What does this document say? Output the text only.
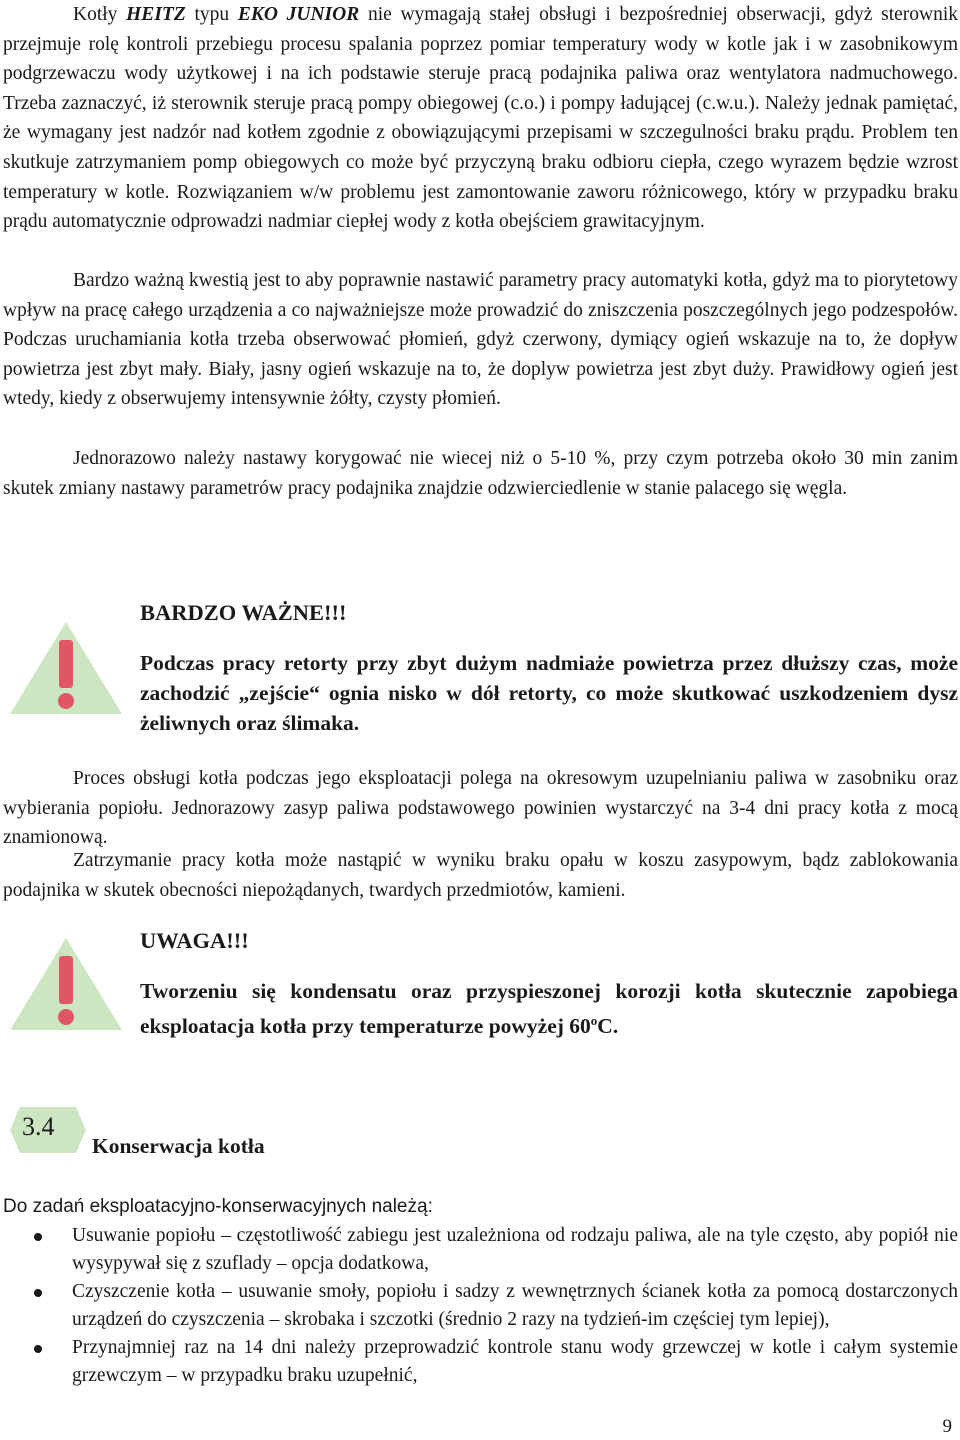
Kotły HEITZ typu EKO JUNIOR nie wymagają stałej obsługi i bezpośredniej obserwacji, gdyż sterownik przejmuje rolę kontroli przebiegu procesu spalania poprzez pomiar temperatury wody w kotle jak i w zasobnikowym podgrzewaczu wody użytkowej i na ich podstawie steruje pracą podajnika paliwa oraz wentylatora nadmuchowego. Trzeba zaznaczyć, iż sterownik steruje pracą pompy obiegowej (c.o.) i pompy ładującej (c.w.u.). Należy jednak pamiętać, że wymagany jest nadzór nad kotłem zgodnie z obowiązującymi przepisami w szczegulności braku prądu. Problem ten skutkuje zatrzymaniem pomp obiegowych co może być przyczyną braku odbioru ciepła, czego wyrazem będzie wzrost temperatury w kotle. Rozwiązaniem w/w problemu jest zamontowanie zaworu różnicowego, który w przypadku braku prądu automatycznie odprowadzi nadmiar ciepłej wody z kotła obejściem grawitacyjnym.

Bardzo ważną kwestią jest to aby poprawnie nastawić parametry pracy automatyki kotła, gdyż ma to piorytetowy wpływ na pracę całego urządzenia a co najważniejsze może prowadzić do zniszczenia poszczególnych jego podzespołów. Podczas uruchamiania kotła trzeba obserwować płomień, gdyż czerwony, dymiący ogień wskazuje na to, że dopływ powietrza jest zbyt mały. Biały, jasny ogień wskazuje na to, że doplyw powietrza jest zbyt duży. Prawidłowy ogień jest wtedy, kiedy z obserwujemy intensywnie żółty, czysty płomień.

Jednorazowo należy nastawy korygować nie wiecej niż o 5-10 %, przy czym potrzeba około 30 min zanim skutek zmiany nastawy parametrów pracy podajnika znajdzie odzwierciedlenie w stanie palacego się węgla.

BARDZO WAŻNE!!!

Podczas pracy retorty przy zbyt dużym nadmiaże powietrza przez dłuższy czas, może zachodzić „zejście“ ognia nisko w dół retorty, co może skutkować uszkodzeniem dysz żeliwnych oraz ślimaka.

Proces obsługi kotła podczas jego eksploatacji polega na okresowym uzupelnianiu paliwa w zasobniku oraz wybierania popiołu. Jednorazowy zasyp paliwa podstawowego powinien wystarczyć na 3-4 dni pracy kotła z mocą znamionową.

Zatrzymanie pracy kotła może nastąpić w wyniku braku opału w koszu zasypowym, bądz zablokowania podajnika w skutek obecności niepożądanych, twardych przedmiotów, kamieni.

UWAGA!!!

Tworzeniu się kondensatu oraz przyspieszonej korozji kotła skutecznie zapobiega eksploatacja kotła przy temperaturze powyżej 60$^o$C.

3.4
Konserwacja kotła

Do zadań eksploatacyjno-konserwacyjnych należą:

Usuwanie popiołu – częstotliwość zabiegu jest uzależniona od rodzaju paliwa, ale na tyle często, aby popiół nie wysypywał się z szuflady – opcja dodatkowa,
Czyszczenie kotła – usuwanie smoły, popiołu i sadzy z wewnętrznych ścianek kotła za pomocą dostarczonych urządzeń do czyszczenia – skrobaka i szczotki (średnio 2 razy na tydzień-im częściej tym lepiej),
Przynajmniej raz na 14 dni należy przeprowadzić kontrole stanu wody grzewczej w kotle i całym systemie grzewczym – w przypadku braku uzupełnić,

9
